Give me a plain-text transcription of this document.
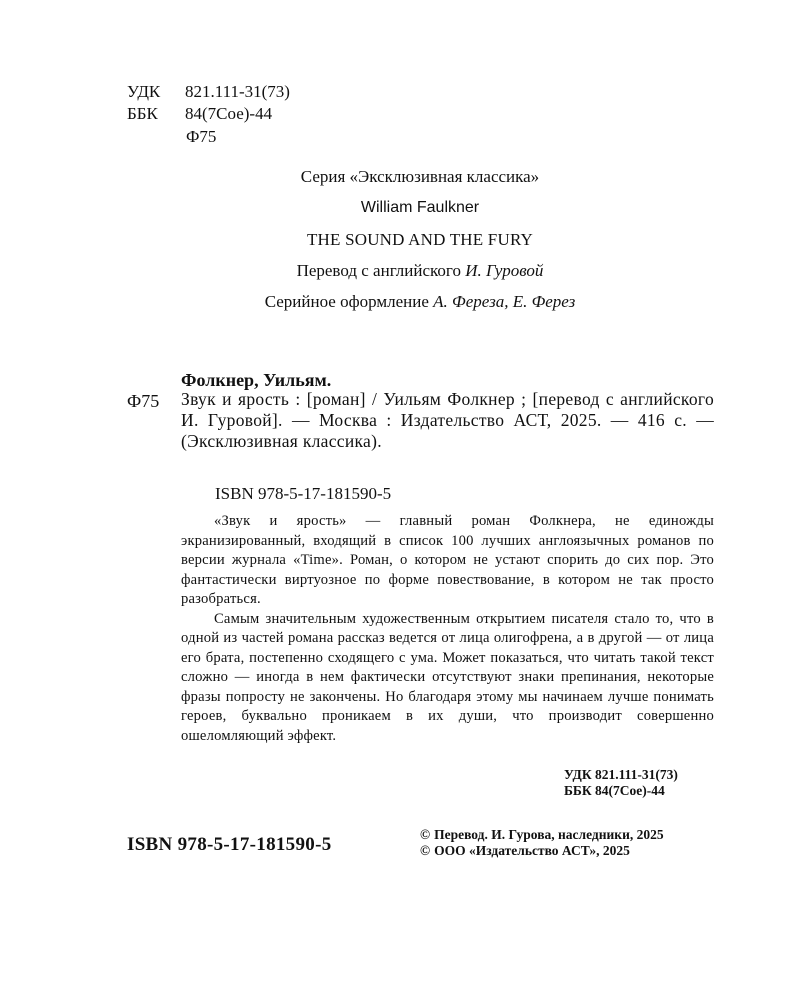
УДК 821.111-31(73)
ББК 84(7Сое)-44
Ф75
Серия «Эксклюзивная классика»
William Faulkner
THE SOUND AND THE FURY
Перевод с английского И. Гуровой
Серийное оформление А. Фереза, Е. Ферез
Фолкнер, Уильям.
Ф75 Звук и ярость : [роман] / Уильям Фолкнер ; [перевод с английского И. Гуровой]. — Москва : Издательство АСТ, 2025. — 416 с. — (Эксклюзивная классика).
ISBN 978-5-17-181590-5

«Звук и ярость» — главный роман Фолкнера, не единожды экранизированный, входящий в список 100 лучших англоязычных романов по версии журнала «Time». Роман, о котором не устают спорить до сих пор. Это фантастически виртуозное по форме повествование, в котором не так просто разобраться.

Самым значительным художественным открытием писателя стало то, что в одной из частей романа рассказ ведется от лица олигофрена, а в другой — от лица его брата, постепенно сходящего с ума. Может показаться, что читать такой текст сложно — иногда в нем фактически отсутствуют знаки препинания, некоторые фразы попросту не закончены. Но благодаря этому мы начинаем лучше понимать героев, буквально проникаем в их души, что производит совершенно ошеломляющий эффект.

УДК 821.111-31(73)
ББК 84(7Сое)-44
ISBN 978-5-17-181590-5	© Перевод. И. Гурова, наследники, 2025
© ООО «Издательство АСТ», 2025
